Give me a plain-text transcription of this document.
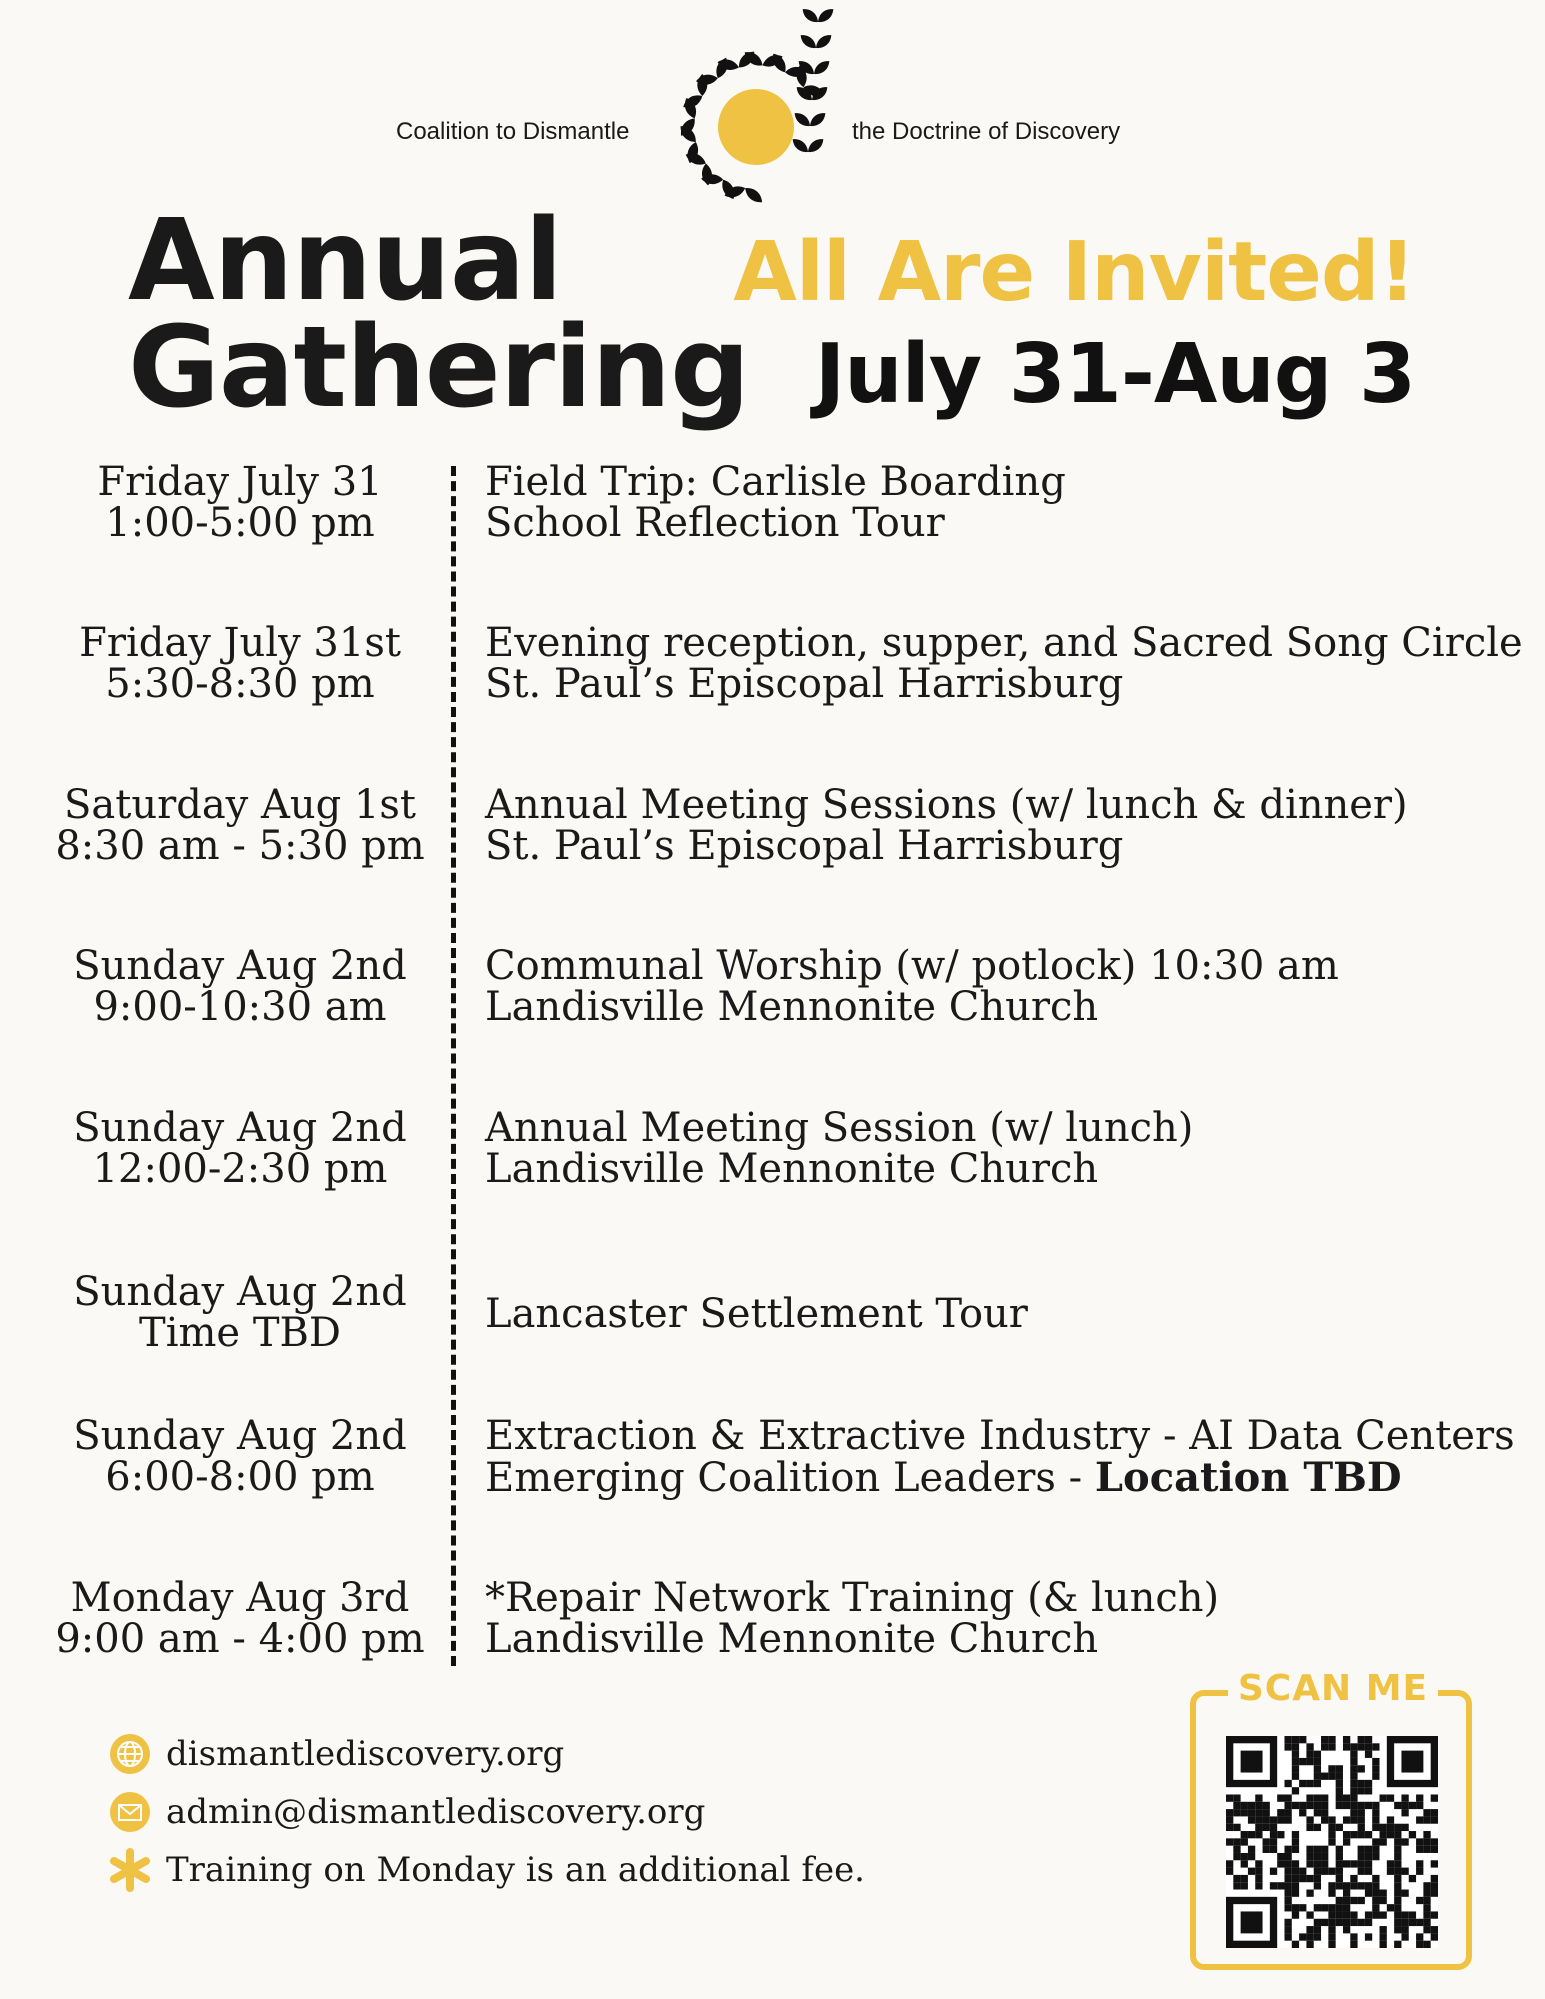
Coalition to Dismantle	the Doctrine of Discovery
Annual
Gathering
All Are Invited!
July 31-Aug 3
Friday July 31
1:00-5:00 pm
Field Trip: Carlisle Boarding
School Reflection Tour
Friday July 31st
5:30-8:30 pm
Evening reception, supper, and Sacred Song Circle
St. Paul’s Episcopal Harrisburg
Saturday Aug 1st
8:30 am - 5:30 pm
Annual Meeting Sessions (w/ lunch & dinner)
St. Paul’s Episcopal Harrisburg
Sunday Aug 2nd
9:00-10:30 am
Communal Worship (w/ potlock) 10:30 am
Landisville Mennonite Church
Sunday Aug 2nd
12:00-2:30 pm
Annual Meeting Session (w/ lunch)
Landisville Mennonite Church
Sunday Aug 2nd
Time TBD	Lancaster Settlement Tour
Sunday Aug 2nd
6:00-8:00 pm
Extraction & Extractive Industry - AI Data Centers
Emerging Coalition Leaders - Location TBD
Monday Aug 3rd
9:00 am - 4:00 pm
*Repair Network Training (& lunch)
Landisville Mennonite Church
dismantlediscovery.org
admin@dismantlediscovery.org
Training on Monday is an additional fee.
SCAN ME
